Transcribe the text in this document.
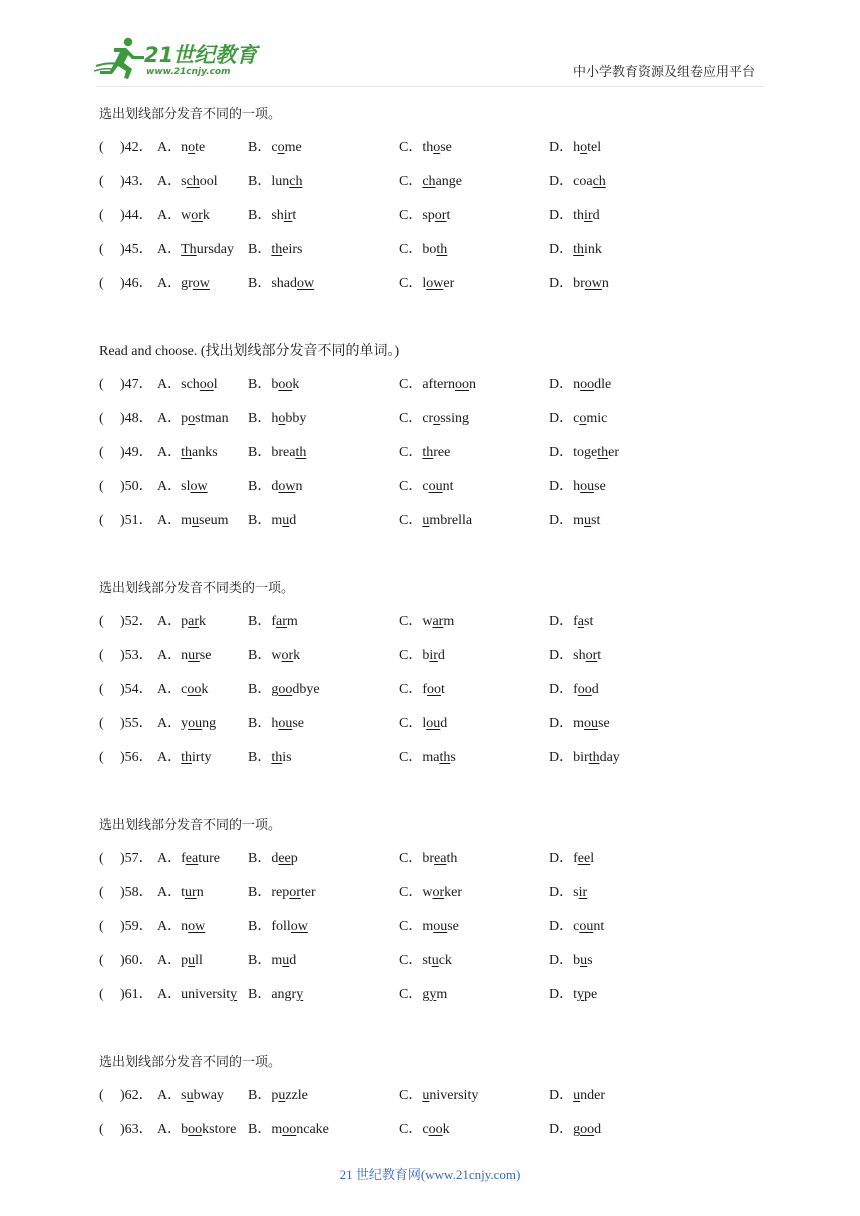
21世纪教育
www.21cnjy.com	中小学教育资源及组卷应用平台
选出划线部分发音不同的一项。
( )42． A．note	B．come	C．those	D．hotel
( )43． A．school B．lunch	C．change	D．coach
( )44． A．work	B．shirt	C．sport	D．third
( )45． A．Thursday B．theirs	C．both	D．think
( )46． A．grow	B．shadow	C．lower	D．brown
Read and choose. (找出划线部分发音不同的单词。)
( )47． A．school B．book	C．afternoon	D．noodle
( )48． A．postman B．hobby	C．crossing	D．comic
( )49． A．thanks B．breath	C．three	D．together
( )50． A．slow	B．down	C．count	D．house
( )51． A．museum B．mud	C．umbrella	D．must
选出划线部分发音不同类的一项。
( )52． A．park	B．farm	C．warm	D．fast
( )53． A．nurse	B．work	C．bird	D．short
( )54． A．cook	B．goodbye	C．foot	D．food
( )55． A．young B．house	C．loud	D．mouse
( )56． A．thirty	B．this	C．maths	D．birthday
选出划线部分发音不同的一项。
( )57． A．feature B．deep	C．breath	D．feel
( )58． A．turn	B．reporter	C．worker	D．sir
( )59． A．now	B．follow	C．mouse	D．count
( )60． A．pull	B．mud	C．stuck	D．bus
( )61． A．university B．angry	C．gym	D．type
选出划线部分发音不同的一项。
( )62． A．subway B．puzzle	C．university	D．under
( )63． A．bookstore B．mooncake	C．cook	D．good
21 世纪教育网(www.21cnjy.com)
